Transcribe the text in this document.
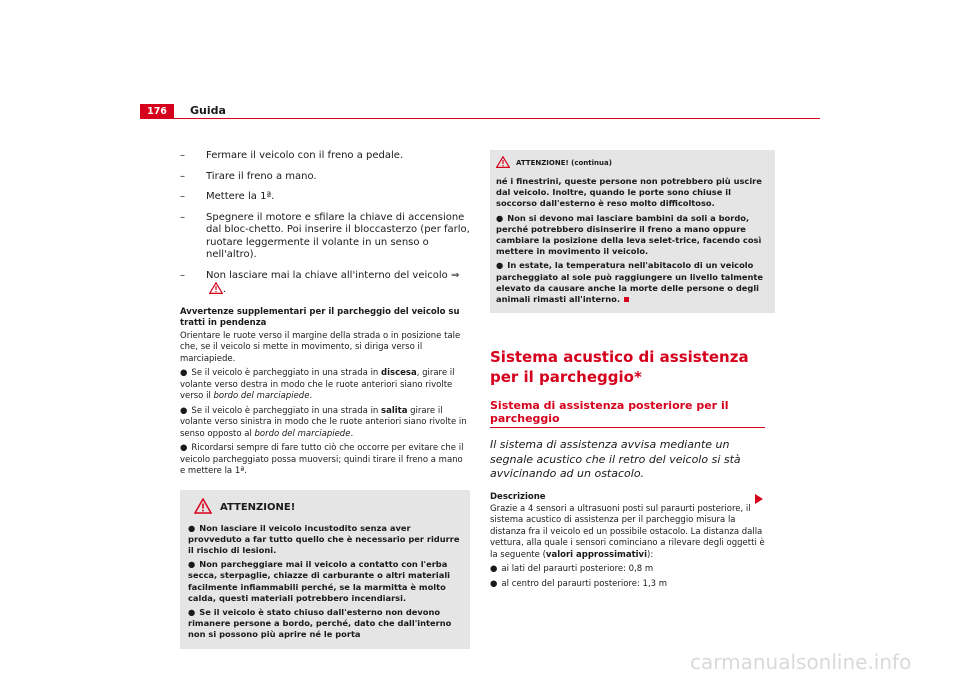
176	Guida
– Fermare il veicolo con il freno a pedale.
– Tirare il freno a mano.
– Mettere la 1ª.
– Spegnere il motore e sfilare la chiave di accensione dal bloc-chetto. Poi inserire il bloccasterzo (per farlo, ruotare leggermente il volante in un senso o nell'altro).
– Non lasciare mai la chiave all'interno del veicolo ⇒.
Avvertenze supplementari per il parcheggio del veicolo su tratti in pendenza
Orientare le ruote verso il margine della strada o in posizione tale che, se il veicolo si mette in movimento, si diriga verso il marciapiede.
● Se il veicolo è parcheggiato in una strada in discesa, girare il volante verso destra in modo che le ruote anteriori siano rivolte verso il bordo del marciapiede.
● Se il veicolo è parcheggiato in una strada in salita girare il volante verso sinistra in modo che le ruote anteriori siano rivolte in senso opposto al bordo del marciapiede.
● Ricordarsi sempre di fare tutto ciò che occorre per evitare che il veicolo parcheggiato possa muoversi; quindi tirare il freno a mano e mettere la 1ª.
ATTENZIONE!
● Non lasciare il veicolo incustodito senza aver provveduto a far tutto quello che è necessario per ridurre il rischio di lesioni.
● Non parcheggiare mai il veicolo a contatto con l'erba secca, sterpaglie, chiazze di carburante o altri materiali facilmente infiammabili perché, se la marmitta è molto calda, questi materiali potrebbero incendiarsi.
● Se il veicolo è stato chiuso dall'esterno non devono rimanere persone a bordo, perché, dato che dall'interno non si possono più aprire né le porta
ATTENZIONE! (continua)
né i finestrini, queste persone non potrebbero più uscire dal veicolo. Inoltre, quando le porte sono chiuse il soccorso dall'esterno è reso molto difficoltoso.
● Non si devono mai lasciare bambini da soli a bordo, perché potrebbero disinserire il freno a mano oppure cambiare la posizione della leva selet-trice, facendo così mettere in movimento il veicolo.
● In estate, la temperatura nell'abitacolo di un veicolo parcheggiato al sole può raggiungere un livello talmente elevato da causare anche la morte delle persone o degli animali rimasti all'interno.
Sistema acustico di assistenza per il parcheggio*
Sistema di assistenza posteriore per il parcheggio
Il sistema di assistenza avvisa mediante un segnale acustico che il retro del veicolo si stà avvicinando ad un ostacolo.
Descrizione
Grazie a 4 sensori a ultrasuoni posti sul paraurti posteriore, il sistema acustico di assistenza per il parcheggio misura la distanza fra il veicolo ed un possibile ostacolo. La distanza dalla vettura, alla quale i sensori cominciano a rilevare degli oggetti è la seguente (valori approssimativi):
● ai lati del paraurti posteriore: 0,8 m
● al centro del paraurti posteriore: 1,3 m
carmanualsonline.info
